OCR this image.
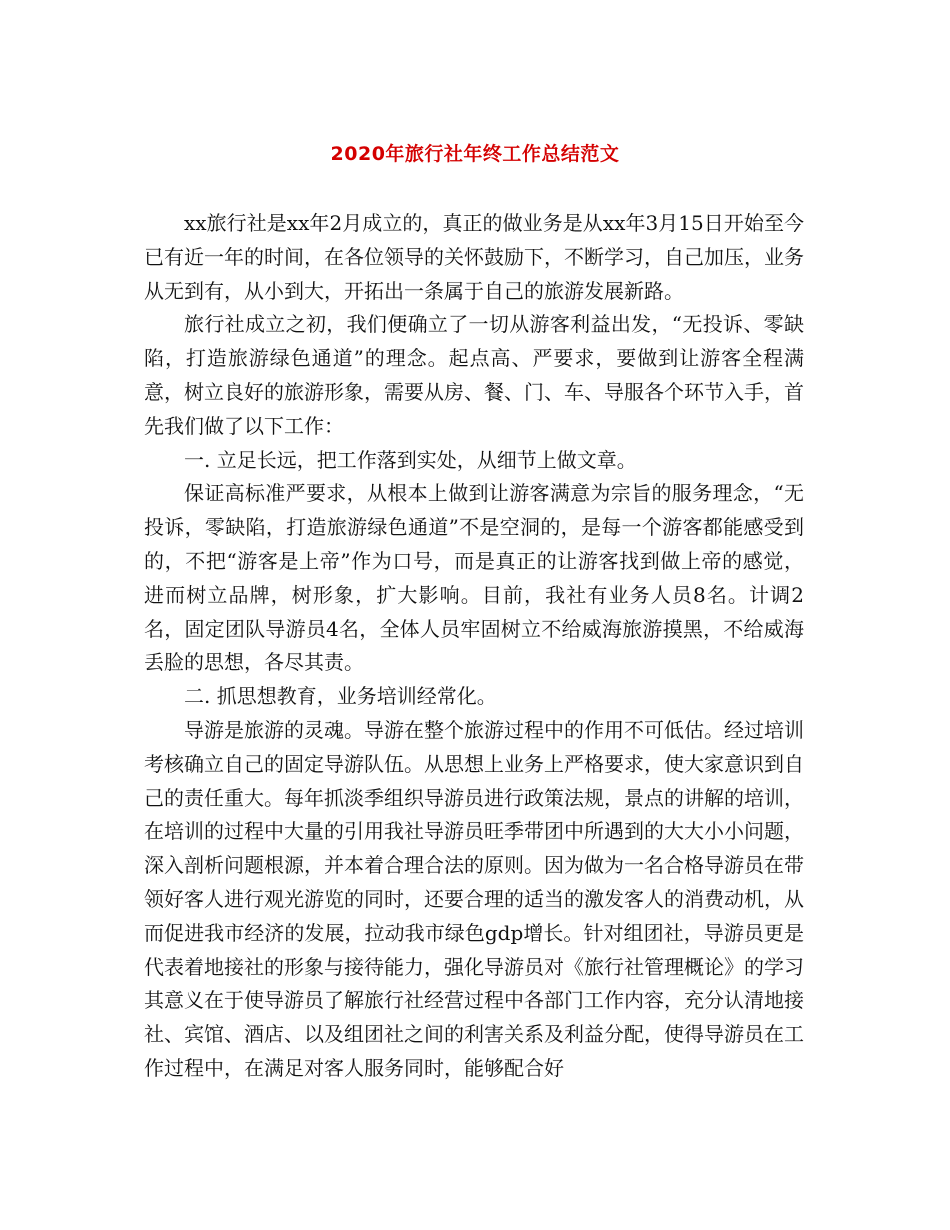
2020年旅行社年终工作总结范文

xx旅行社是xx年2月成立的，真正的做业务是从xx年3月15日开始至今已有近一年的时间，在各位领导的关怀鼓励下，不断学习，自己加压，业务从无到有，从小到大，开拓出一条属于自己的旅游发展新路。

旅行社成立之初，我们便确立了一切从游客利益出发，“无投诉、零缺陷，打造旅游绿色通道”的理念。起点高、严要求，要做到让游客全程满意，树立良好的旅游形象，需要从房、餐、门、车、导服各个环节入手，首先我们做了以下工作：

一. 立足长远，把工作落到实处，从细节上做文章。

保证高标准严要求，从根本上做到让游客满意为宗旨的服务理念，“无投诉，零缺陷，打造旅游绿色通道”不是空洞的，是每一个游客都能感受到的，不把“游客是上帝”作为口号，而是真正的让游客找到做上帝的感觉，进而树立品牌，树形象，扩大影响。目前，我社有业务人员8名。计调2名，固定团队导游员4名，全体人员牢固树立不给威海旅游摸黑，不给威海丢脸的思想，各尽其责。

二. 抓思想教育，业务培训经常化。

导游是旅游的灵魂。导游在整个旅游过程中的作用不可低估。经过培训考核确立自己的固定导游队伍。从思想上业务上严格要求，使大家意识到自己的责任重大。每年抓淡季组织导游员进行政策法规，景点的讲解的培训，在培训的过程中大量的引用我社导游员旺季带团中所遇到的大大小小问题，深入剖析问题根源，并本着合理合法的原则。因为做为一名合格导游员在带领好客人进行观光游览的同时，还要合理的适当的激发客人的消费动机，从而促进我市经济的发展，拉动我市绿色gdp增长。针对组团社，导游员更是代表着地接社的形象与接待能力，强化导游员对《旅行社管理概论》的学习其意义在于使导游员了解旅行社经营过程中各部门工作内容，充分认清地接社、宾馆、酒店、以及组团社之间的利害关系及利益分配，使得导游员在工作过程中，在满足对客人服务同时，能够配合好
